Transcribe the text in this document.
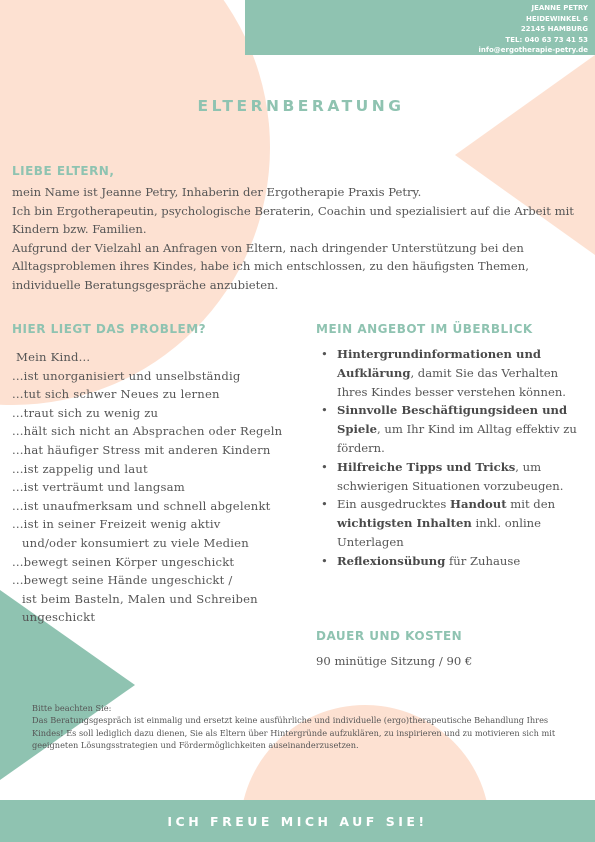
JEANNE PETRY
HEIDEWINKEL 6
22145 HAMBURG
TEL: 040 63 73 41 53
info@ergotherapie-petry.de
ELTERNBERATUNG
LIEBE ELTERN,

mein Name ist Jeanne Petry, Inhaberin der Ergotherapie Praxis Petry.

Ich bin Ergotherapeutin, psychologische Beraterin, Coachin und spezialisiert auf die Arbeit mit Kindern bzw. Familien.

Aufgrund der Vielzahl an Anfragen von Eltern, nach dringender Unterstützung bei den Alltagsproblemen ihres Kindes, habe ich mich entschlossen, zu den häufigsten Themen, individuelle Beratungsgespräche anzubieten.

HIER LIEGT DAS PROBLEM?
Mein Kind...
...ist unorganisiert und unselbständig
...tut sich schwer Neues zu lernen
...traut sich zu wenig zu
...hält sich nicht an Absprachen oder Regeln
...hat häufiger Stress mit anderen Kindern
...ist zappelig und laut
...ist verträumt und langsam
...ist unaufmerksam und schnell abgelenkt
...ist in seiner Freizeit wenig aktiv
und/oder konsumiert zu viele Medien
...bewegt seinen Körper ungeschickt
...bewegt seine Hände ungeschickt /
ist beim Basteln, Malen und Schreiben
ungeschickt
MEIN ANGEBOT IM ÜBERBLICK
• Hintergrundinformationen und Aufklärung, damit Sie das Verhalten Ihres Kindes besser verstehen können.
• Sinnvolle Beschäftigungsideen und Spiele, um Ihr Kind im Alltag effektiv zu fördern.
• Hilfreiche Tipps und Tricks, um schwierigen Situationen vorzubeugen.
• Ein ausgedrucktes Handout mit den wichtigsten Inhalten inkl. online Unterlagen
• Reflexionsübung für Zuhause
DAUER UND KOSTEN
90 minütige Sitzung / 90 €

Bitte beachten Sie:

Das Beratungsgespräch ist einmalig und ersetzt keine ausführliche und individuelle (ergo)therapeutische Behandlung Ihres Kindes! Es soll lediglich dazu dienen, Sie als Eltern über Hintergründe aufzuklären, zu inspirieren und zu motivieren sich mit geeigneten Lösungsstrategien und Fördermöglichkeiten auseinanderzusetzen.

ICH FREUE MICH AUF SIE!
